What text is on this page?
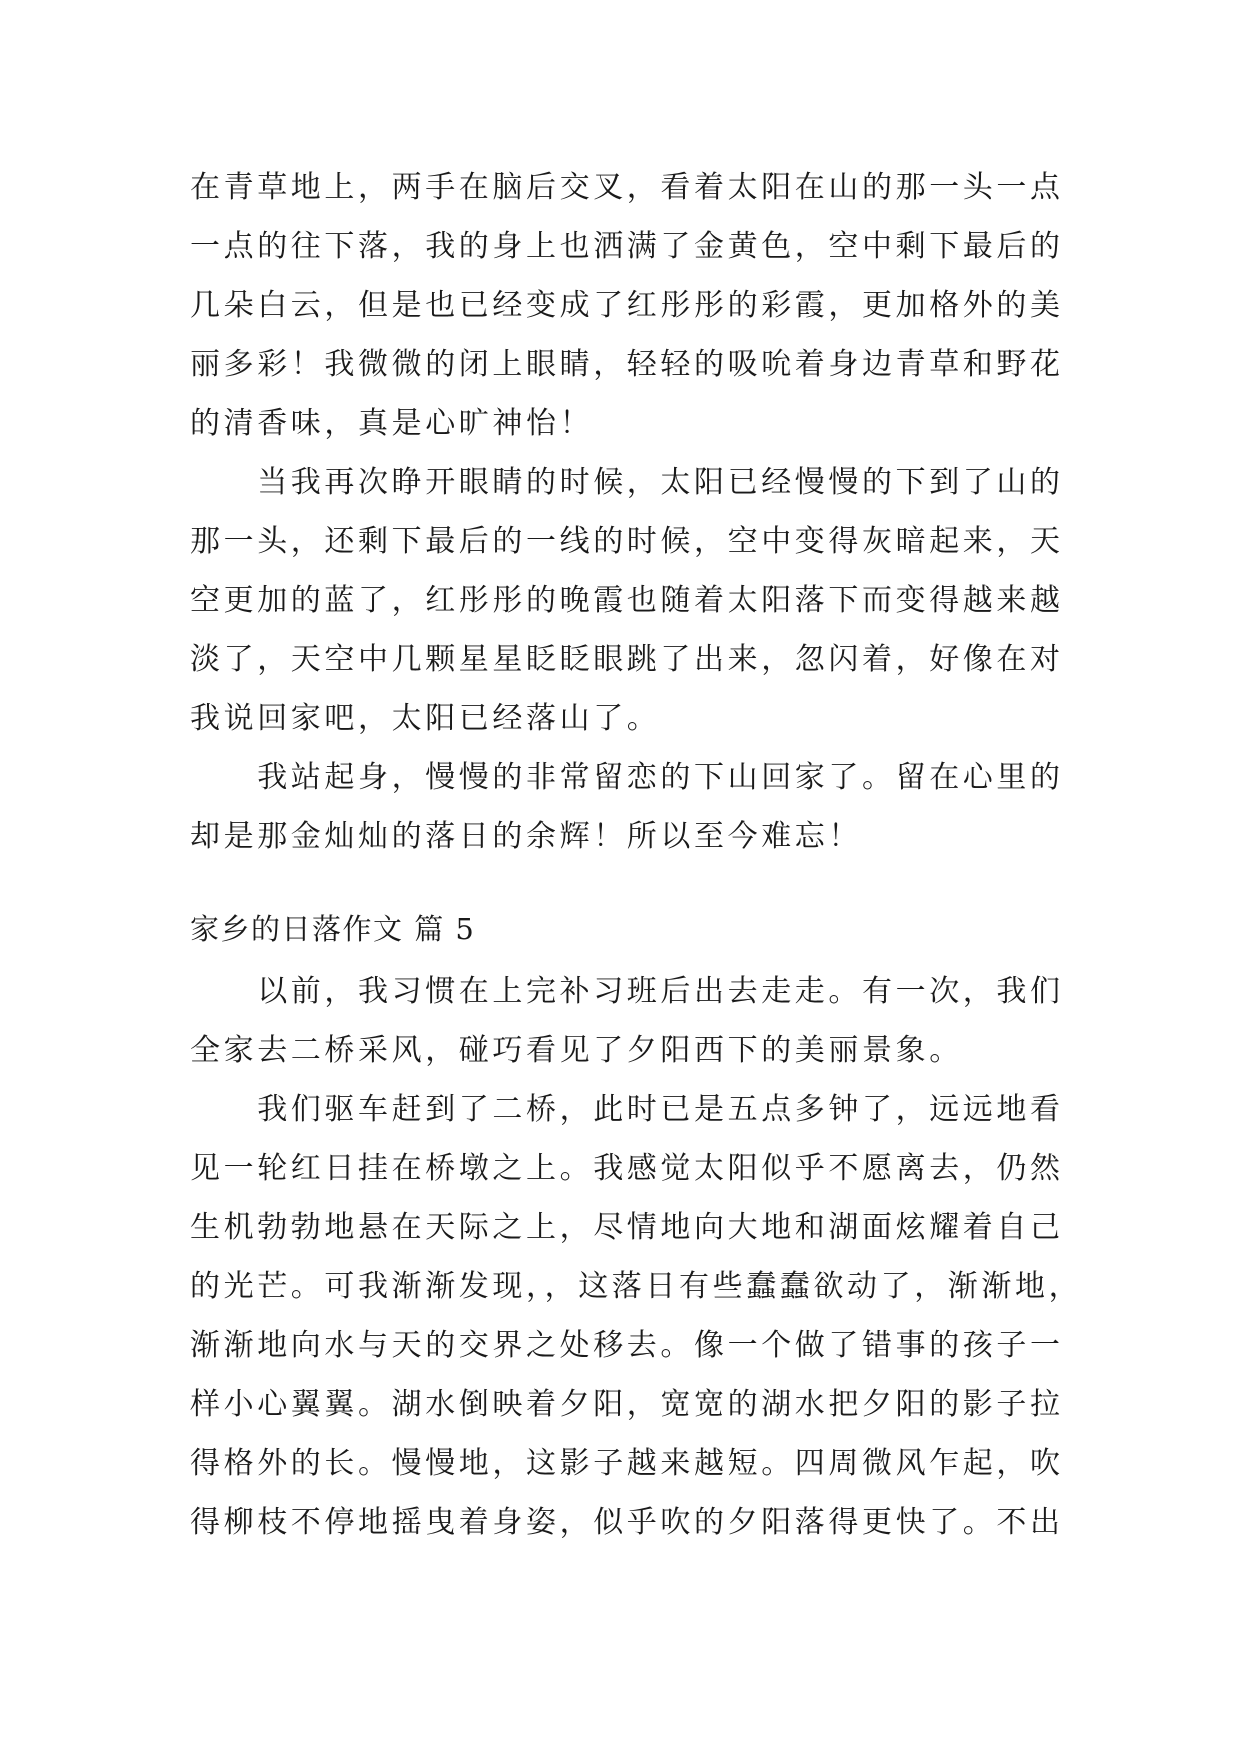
在青草地上，两手在脑后交叉，看着太阳在山的那一头一点
一点的往下落，我的身上也洒满了金黄色，空中剩下最后的
几朵白云，但是也已经变成了红彤彤的彩霞，更加格外的美
丽多彩！我微微的闭上眼睛，轻轻的吸吮着身边青草和野花
的清香味，真是心旷神怡！
　　当我再次睁开眼睛的时候，太阳已经慢慢的下到了山的
那一头，还剩下最后的一线的时候，空中变得灰暗起来，天
空更加的蓝了，红彤彤的晚霞也随着太阳落下而变得越来越
淡了，天空中几颗星星眨眨眼跳了出来，忽闪着，好像在对
我说回家吧，太阳已经落山了。
　　我站起身，慢慢的非常留恋的下山回家了。留在心里的
却是那金灿灿的落日的余辉！所以至今难忘！
家乡的日落作文 篇 5
　　以前，我习惯在上完补习班后出去走走。有一次，我们
全家去二桥采风，碰巧看见了夕阳西下的美丽景象。
　　我们驱车赶到了二桥，此时已是五点多钟了，远远地看
见一轮红日挂在桥墩之上。我感觉太阳似乎不愿离去，仍然
生机勃勃地悬在天际之上，尽情地向大地和湖面炫耀着自己
的光芒。可我渐渐发现，，这落日有些蠢蠢欲动了，渐渐地，
渐渐地向水与天的交界之处移去。像一个做了错事的孩子一
样小心翼翼。湖水倒映着夕阳，宽宽的湖水把夕阳的影子拉
得格外的长。慢慢地，这影子越来越短。四周微风乍起，吹
得柳枝不停地摇曳着身姿，似乎吹的夕阳落得更快了。不出
